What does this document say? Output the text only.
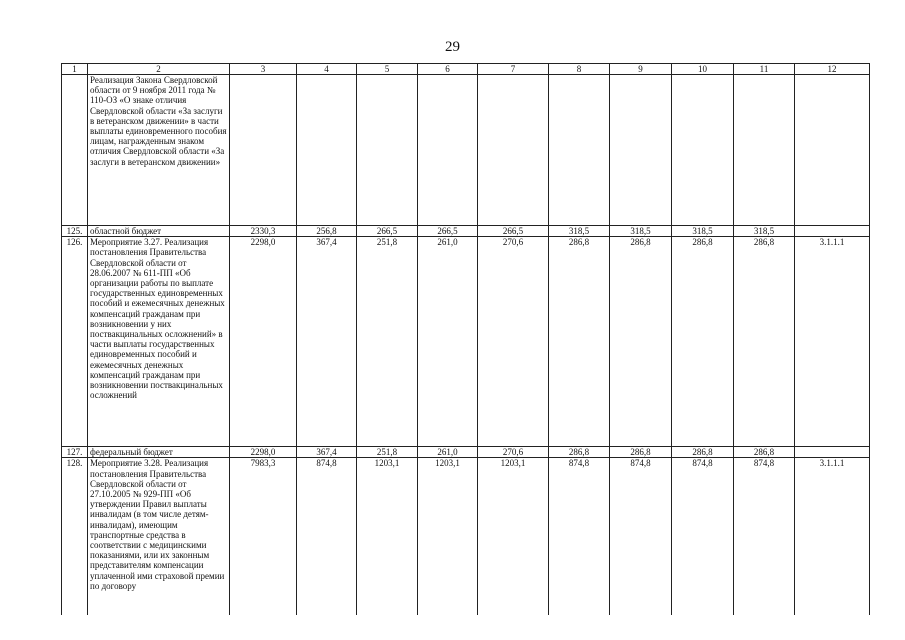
29
1	2	3	4	5	6	7	8	9	10	11	12
	Реализация Закона Свердловской области от 9 ноября 2011 года № 110-ОЗ «О знаке отличия Свердловской области «За заслуги в ветеранском движении» в части выплаты единовременного пособия лицам, награжденным знаком отличия Свердловской области «За заслуги в ветеранском движении»										
125.	областной бюджет	2330,3	256,8	266,5	266,5	266,5	318,5	318,5	318,5	318,5	
126.	Мероприятие 3.27. Реализация постановления Правительства Свердловской области от 28.06.2007 № 611-ПП «Об организации работы по выплате государственных единовременных пособий и ежемесячных денежных компенсаций гражданам при возникновении у них поствакцинальных осложнений» в части выплаты государственных единовременных пособий и ежемесячных денежных компенсаций гражданам при возникновении поствакцинальных осложнений	2298,0	367,4	251,8	261,0	270,6	286,8	286,8	286,8	286,8	3.1.1.1
127.	федеральный бюджет	2298,0	367,4	251,8	261,0	270,6	286,8	286,8	286,8	286,8	
128.	Мероприятие 3.28. Реализация постановления Правительства Свердловской области от 27.10.2005 № 929-ПП «Об утверждении Правил выплаты инвалидам (в том числе детям-инвалидам), имеющим транспортные средства в соответствии с медицинскими показаниями, или их законным представителям компенсации уплаченной ими страховой премии по договору	7983,3	874,8	1203,1	1203,1	1203,1	874,8	874,8	874,8	874,8	3.1.1.1
